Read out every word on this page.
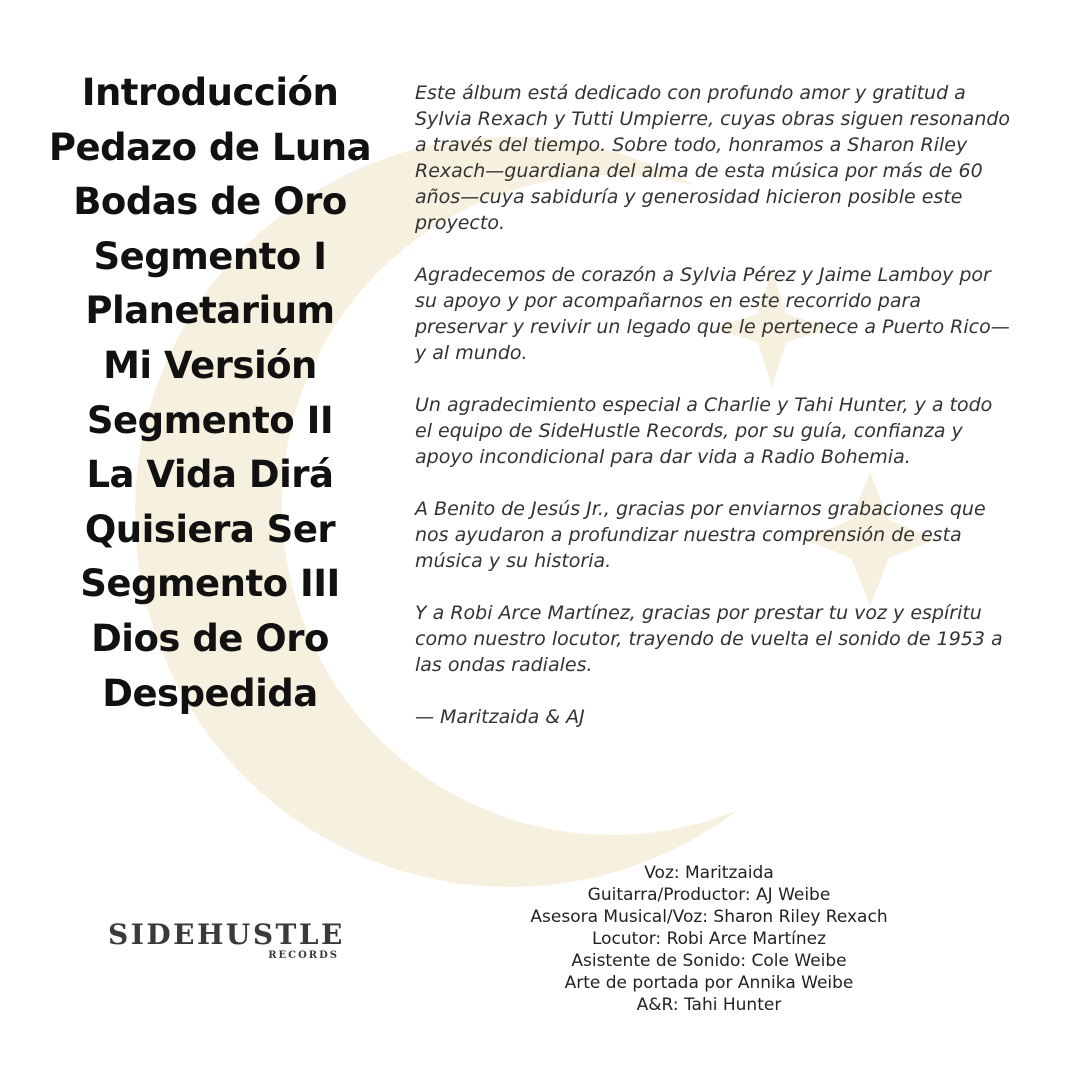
Introducción
Pedazo de Luna
Bodas de Oro
Segmento I
Planetarium
Mi Versión
Segmento II
La Vida Dirá
Quisiera Ser
Segmento III
Dios de Oro
Despedida

Este álbum está dedicado con profundo amor y gratitud a Sylvia Rexach y Tutti Umpierre, cuyas obras siguen resonando a través del tiempo. Sobre todo, honramos a Sharon Riley Rexach—guardiana del alma de esta música por más de 60 años—cuya sabiduría y generosidad hicieron posible este proyecto.

Agradecemos de corazón a Sylvia Pérez y Jaime Lamboy por su apoyo y por acompañarnos en este recorrido para preservar y revivir un legado que le pertenece a Puerto Rico—y al mundo.

Un agradecimiento especial a Charlie y Tahi Hunter, y a todo el equipo de SideHustle Records, por su guía, confianza y apoyo incondicional para dar vida a Radio Bohemia.

A Benito de Jesús Jr., gracias por enviarnos grabaciones que nos ayudaron a profundizar nuestra comprensión de esta música y su historia.

Y a Robi Arce Martínez, gracias por prestar tu voz y espíritu como nuestro locutor, trayendo de vuelta el sonido de 1953 a las ondas radiales.

— Maritzaida & AJ

SIDEHUSTLE
RECORDS
Voz: Maritzaida
Guitarra/Productor: AJ Weibe
Asesora Musical/Voz: Sharon Riley Rexach
Locutor: Robi Arce Martínez
Asistente de Sonido: Cole Weibe
Arte de portada por Annika Weibe
A&R: Tahi Hunter
